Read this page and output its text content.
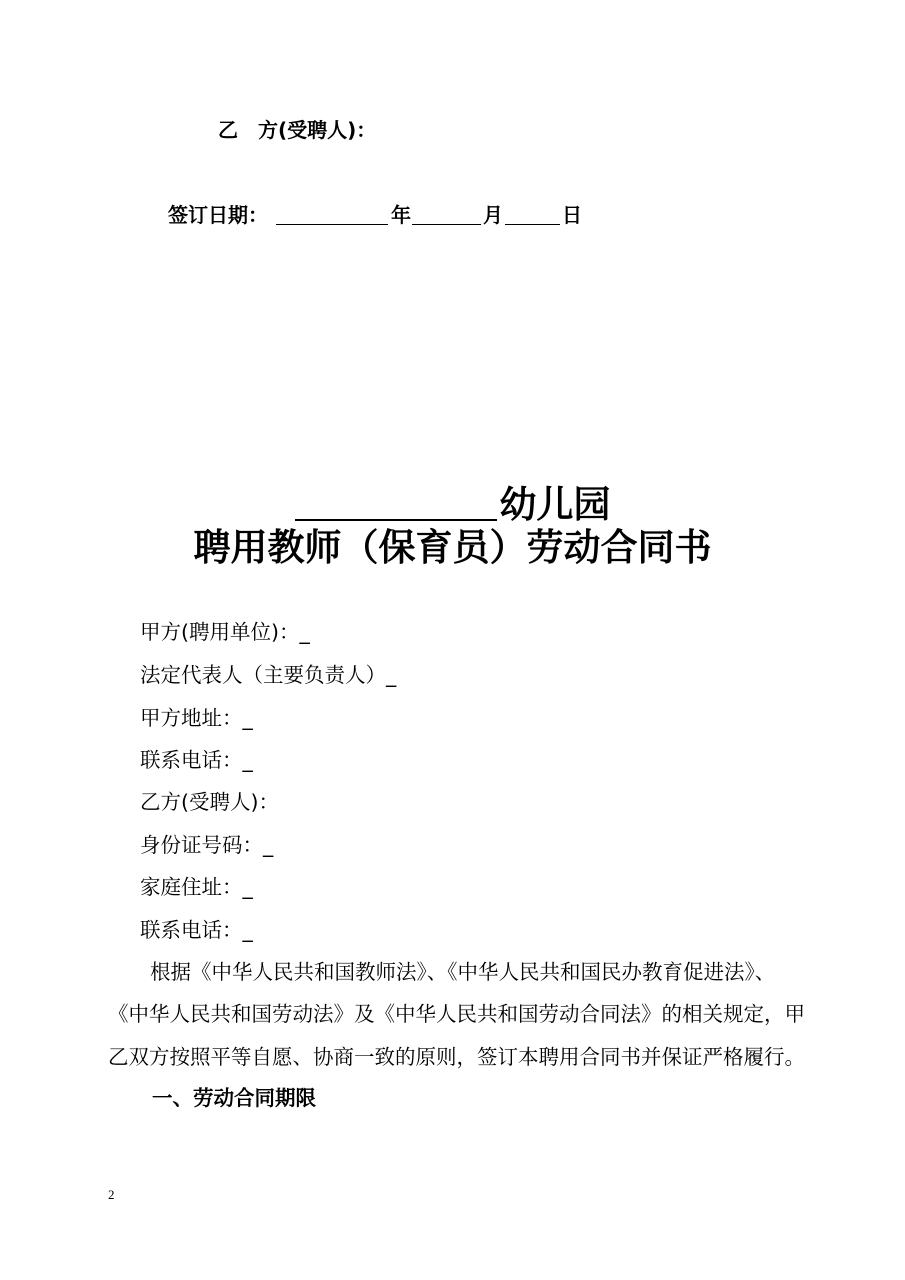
乙　方(受聘人)：
签订日期：	年	月	日
幼儿园
聘用教师（保育员）劳动合同书
甲方(聘用单位)：_
法定代表人（主要负责人）_
甲方地址：_
联系电话：_
乙方(受聘人)：
身份证号码：_
家庭住址：_
联系电话：_
根据《中华人民共和国教师法》、《中华人民共和国民办教育促进法》、
《中华人民共和国劳动法》及《中华人民共和国劳动合同法》的相关规定，甲
乙双方按照平等自愿、协商一致的原则，签订本聘用合同书并保证严格履行。
一、劳动合同期限
2
